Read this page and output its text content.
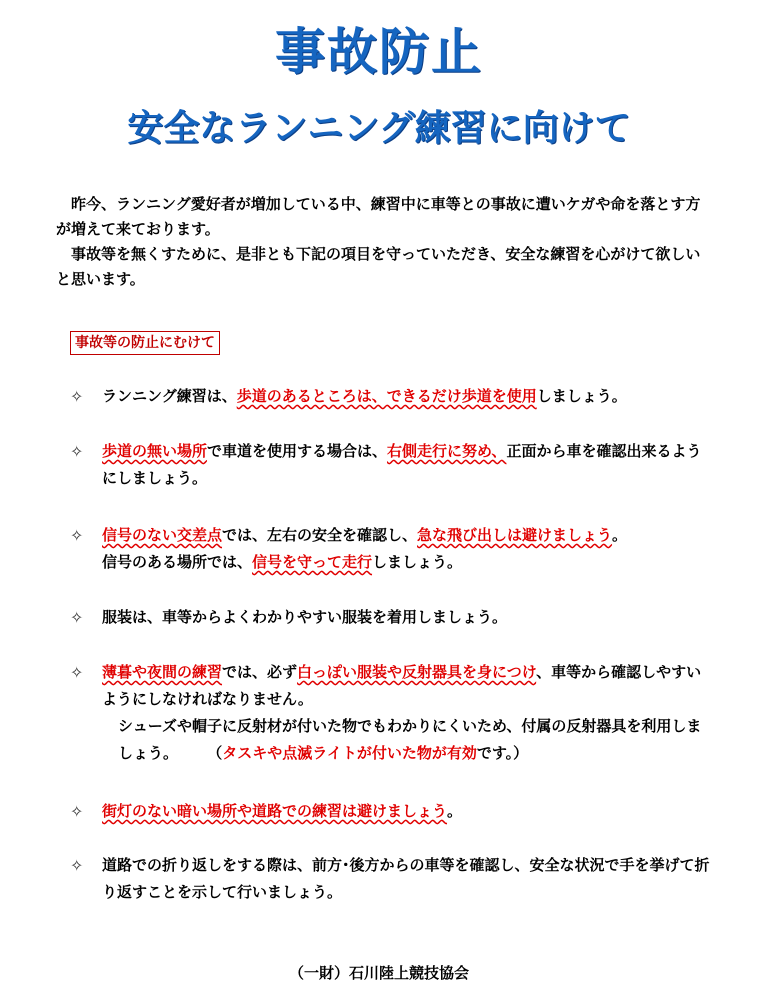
事故防止
安全なランニング練習に向けて

昨今、ランニング愛好者が増加している中、練習中に車等との事故に遭いケガや命を落とす方が増えて来ております。

事故等を無くすために、是非とも下記の項目を守っていただき、安全な練習を心がけて欲しいと思います。

事故等の防止にむけて
✧	ランニング練習は、歩道のあるところは、できるだけ歩道を使用しましょう。
✧	歩道の無い場所で車道を使用する場合は、右側走行に努め、正面から車を確認出来るようにしましょう。
✧	信号のない交差点では、左右の安全を確認し、急な飛び出しは避けましょう。
信号のある場所では、信号を守って走行しましょう。
✧	服装は、車等からよくわかりやすい服装を着用しましょう。
✧	薄暮や夜間の練習では、必ず白っぽい服装や反射器具を身につけ、車等から確認しやすいようにしなければなりません。
シューズや帽子に反射材が付いた物でもわかりにくいため、付属の反射器具を利用しましょう。 （タスキや点滅ライトが付いた物が有効です。）
✧	街灯のない暗い場所や道路での練習は避けましょう。
✧	道路での折り返しをする際は、前方･後方からの車等を確認し、安全な状況で手を挙げて折り返すことを示して行いましょう。

（一財）石川陸上競技協会
